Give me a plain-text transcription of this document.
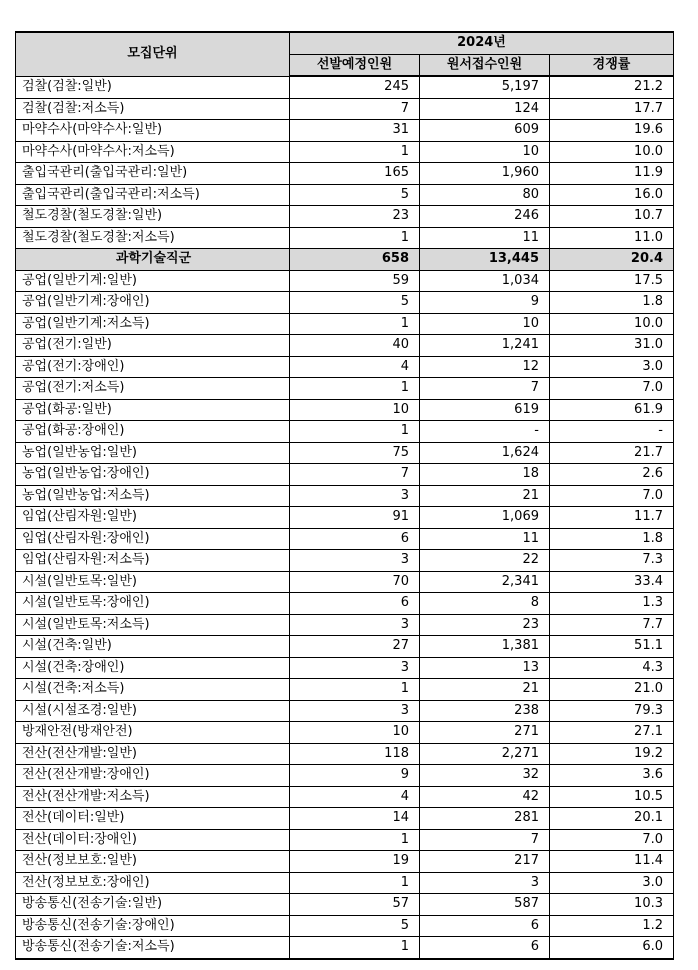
모집단위	2024년		
	선발예정인원	원서접수인원	경쟁률
검찰(검찰:일반)	245	5,197	21.2
검찰(검찰:저소득)	7	124	17.7
마약수사(마약수사:일반)	31	609	19.6
마약수사(마약수사:저소득)	1	10	10.0
출입국관리(출입국관리:일반)	165	1,960	11.9
출입국관리(출입국관리:저소득)	5	80	16.0
철도경찰(철도경찰:일반)	23	246	10.7
철도경찰(철도경찰:저소득)	1	11	11.0
과학기술직군	658	13,445	20.4
공업(일반기계:일반)	59	1,034	17.5
공업(일반기계:장애인)	5	9	1.8
공업(일반기계:저소득)	1	10	10.0
공업(전기:일반)	40	1,241	31.0
공업(전기:장애인)	4	12	3.0
공업(전기:저소득)	1	7	7.0
공업(화공:일반)	10	619	61.9
공업(화공:장애인)	1	-	-
농업(일반농업:일반)	75	1,624	21.7
농업(일반농업:장애인)	7	18	2.6
농업(일반농업:저소득)	3	21	7.0
임업(산림자원:일반)	91	1,069	11.7
임업(산림자원:장애인)	6	11	1.8
임업(산림자원:저소득)	3	22	7.3
시설(일반토목:일반)	70	2,341	33.4
시설(일반토목:장애인)	6	8	1.3
시설(일반토목:저소득)	3	23	7.7
시설(건축:일반)	27	1,381	51.1
시설(건축:장애인)	3	13	4.3
시설(건축:저소득)	1	21	21.0
시설(시설조경:일반)	3	238	79.3
방재안전(방재안전)	10	271	27.1
전산(전산개발:일반)	118	2,271	19.2
전산(전산개발:장애인)	9	32	3.6
전산(전산개발:저소득)	4	42	10.5
전산(데이터:일반)	14	281	20.1
전산(데이터:장애인)	1	7	7.0
전산(정보보호:일반)	19	217	11.4
전산(정보보호:장애인)	1	3	3.0
방송통신(전송기술:일반)	57	587	10.3
방송통신(전송기술:장애인)	5	6	1.2
방송통신(전송기술:저소득)	1	6	6.0
